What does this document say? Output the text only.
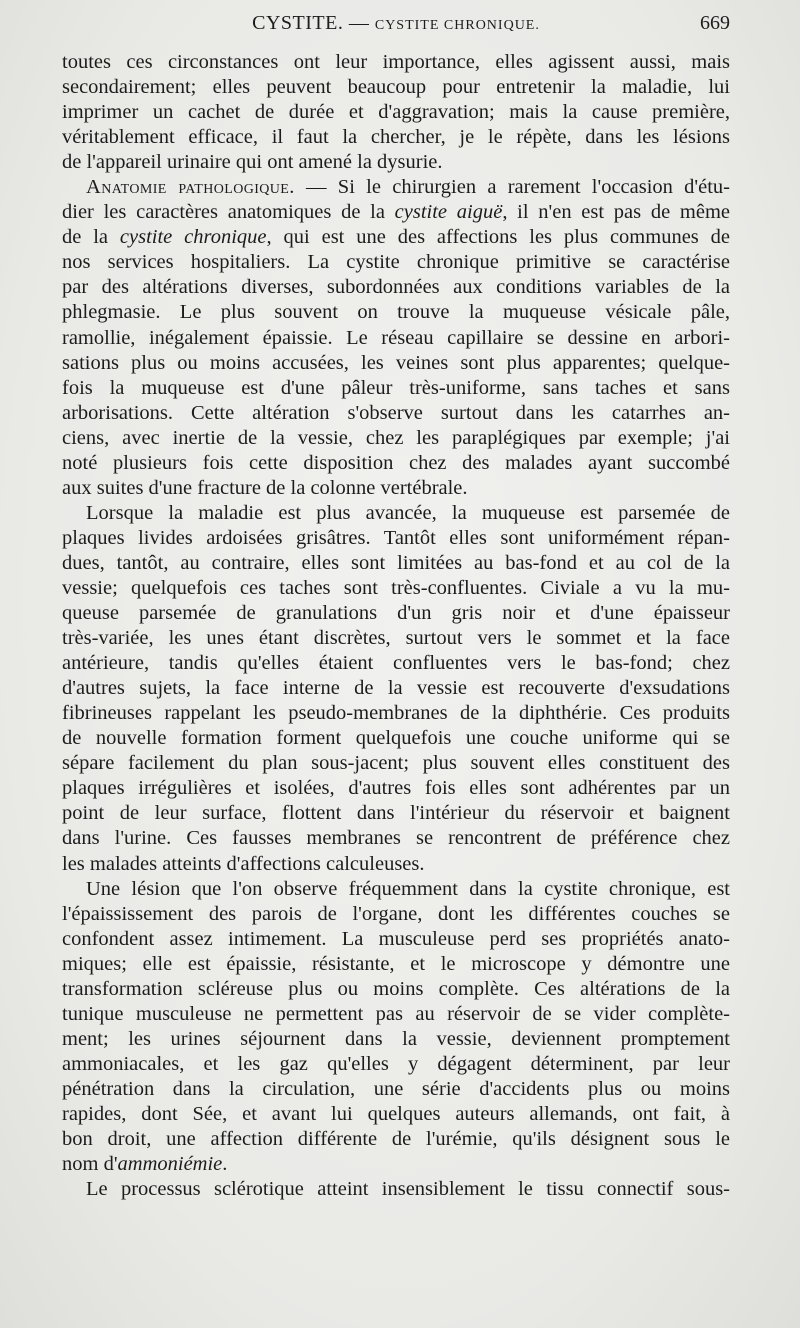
CYSTITE. — CYSTITE CHRONIQUE.	669
toutes ces circonstances ont leur importance, elles agissent aussi, mais
secondairement; elles peuvent beaucoup pour entretenir la maladie, lui
imprimer un cachet de durée et d'aggravation; mais la cause première,
véritablement efficace, il faut la chercher, je le répète, dans les lésions
de l'appareil urinaire qui ont amené la dysurie.
Anatomie pathologique. — Si le chirurgien a rarement l'occasion d'étu-
dier les caractères anatomiques de la cystite aiguë, il n'en est pas de même
de la cystite chronique, qui est une des affections les plus communes de
nos services hospitaliers. La cystite chronique primitive se caractérise
par des altérations diverses, subordonnées aux conditions variables de la
phlegmasie. Le plus souvent on trouve la muqueuse vésicale pâle,
ramollie, inégalement épaissie. Le réseau capillaire se dessine en arbori-
sations plus ou moins accusées, les veines sont plus apparentes; quelque-
fois la muqueuse est d'une pâleur très-uniforme, sans taches et sans
arborisations. Cette altération s'observe surtout dans les catarrhes an-
ciens, avec inertie de la vessie, chez les paraplégiques par exemple; j'ai
noté plusieurs fois cette disposition chez des malades ayant succombé
aux suites d'une fracture de la colonne vertébrale.
Lorsque la maladie est plus avancée, la muqueuse est parsemée de
plaques livides ardoisées grisâtres. Tantôt elles sont uniformément répan-
dues, tantôt, au contraire, elles sont limitées au bas-fond et au col de la
vessie; quelquefois ces taches sont très-confluentes. Civiale a vu la mu-
queuse parsemée de granulations d'un gris noir et d'une épaisseur
très-variée, les unes étant discrètes, surtout vers le sommet et la face
antérieure, tandis qu'elles étaient confluentes vers le bas-fond; chez
d'autres sujets, la face interne de la vessie est recouverte d'exsudations
fibrineuses rappelant les pseudo-membranes de la diphthérie. Ces produits
de nouvelle formation forment quelquefois une couche uniforme qui se
sépare facilement du plan sous-jacent; plus souvent elles constituent des
plaques irrégulières et isolées, d'autres fois elles sont adhérentes par un
point de leur surface, flottent dans l'intérieur du réservoir et baignent
dans l'urine. Ces fausses membranes se rencontrent de préférence chez
les malades atteints d'affections calculeuses.
Une lésion que l'on observe fréquemment dans la cystite chronique, est
l'épaississement des parois de l'organe, dont les différentes couches se
confondent assez intimement. La musculeuse perd ses propriétés anato-
miques; elle est épaissie, résistante, et le microscope y démontre une
transformation scléreuse plus ou moins complète. Ces altérations de la
tunique musculeuse ne permettent pas au réservoir de se vider complète-
ment; les urines séjournent dans la vessie, deviennent promptement
ammoniacales, et les gaz qu'elles y dégagent déterminent, par leur
pénétration dans la circulation, une série d'accidents plus ou moins
rapides, dont Sée, et avant lui quelques auteurs allemands, ont fait, à
bon droit, une affection différente de l'urémie, qu'ils désignent sous le
nom d'ammoniémie.
Le processus sclérotique atteint insensiblement le tissu connectif sous-
